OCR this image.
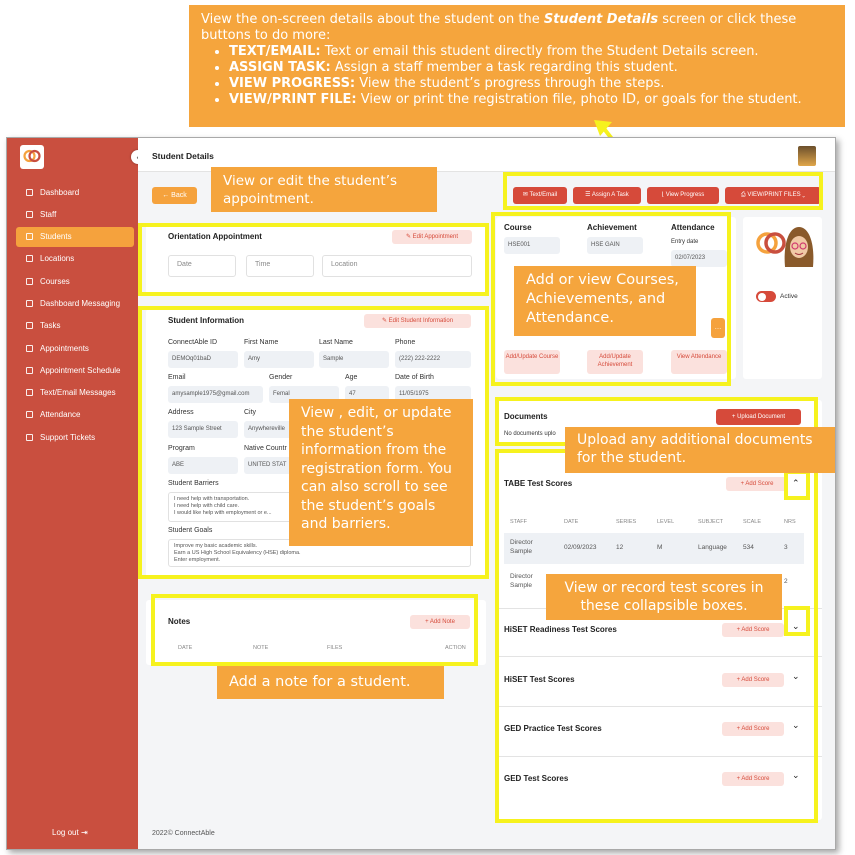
View the on-screen details about the student on the Student Details screen or click these buttons to do more:
• TEXT/EMAIL: Text or email this student directly from the Student Details screen.
• ASSIGN TASK: Assign a staff member a task regarding this student.
• VIEW PROGRESS: View the student’s progress through the steps.
• VIEW/PRINT FILE: View or print the registration file, photo ID, or goals for the student.
Dashboard
Staff
Students
Locations
Courses
Dashboard Messaging
Tasks
Appointments
Appointment Schedule
Text/Email Messages
Attendance
Support Tickets
Log out ⇥
Student Details
← Back
Orientation Appointment	✎ Edit Appointment
Date	Time	Location
Student Information	✎ Edit Student Information
ConnectAble ID	First Name	Last Name	Phone
DEMOq01baD	Amy	Sample	(222) 222-2222
Email	Gender	Age	Date of Birth
amysample1975@gmail.com	Femal	47	11/05/1975
Address	City
123 Sample Street	Anywhereville
Program	Native Countr
ABE	UNITED STAT
Student Barriers
I need help with transportation.
I need help with child care.
I would like help with employment or e...
Student Goals
Improve my basic academic skills.
Earn a US High School Equivalency (HSE) diploma.
Enter employment.
Notes	+ Add Note
DATE	NOTE	FILES	ACTION
✉ Text/Email	☰ Assign A Task	⌊ View Progress	⎙ VIEW/PRINT FILES ⌄
Course
HSE001
Achievement
HSE GAIN
Attendance
Entry date
02/07/2023
Add/Update Course	Add/Update Achievement
View Attendance
…
Active
Documents	+ Upload Document
No documents uplo
TABE Test Scores	+ Add Score	⌃
STAFF	DATE	SERIES	LEVEL	SUBJECT	SCALE	NRS
Director Sample
02/09/2023	12	M	Language 534	3
Director Sample
2
HiSET Readiness Test Scores	+ Add Score	⌄
HiSET Test Scores	+ Add Score	⌄
GED Practice Test Scores	+ Add Score	⌄
GED Test Scores	+ Add Score	⌄
2022© ConnectAble
View or edit the student’s appointment.
Add or view Courses, Achievements, and Attendance.
View , edit, or update the student’s information from the registration form. You can also scroll to see the student’s goals and barriers.
Upload any additional documents for the student.
Add a note for a student.
View or record test scores in these collapsible boxes.
